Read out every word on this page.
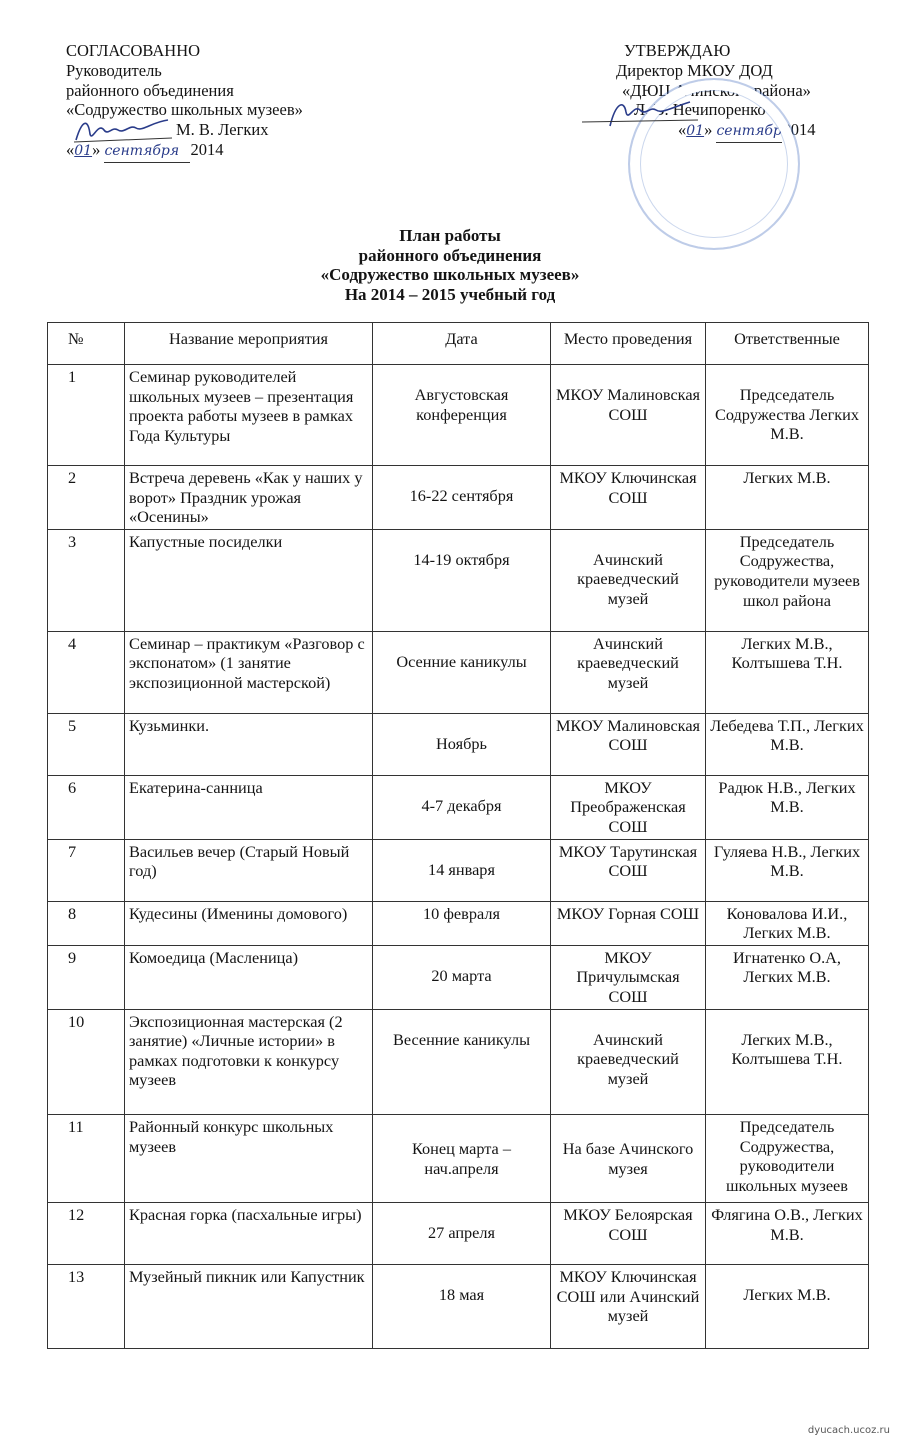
СОГЛАСОВАННО
Руководитель
районного объединения
«Содружество школьных музеев»
М. В. Легких
«01» сентября 2014
УТВЕРЖДАЮ
Директор МКОУ ДОД
«ДЮЦ Ачинского района»
Л. В. Нечипоренко
«01» сентября2014
План работы
районного объединения
«Содружество школьных музеев»
На 2014 – 2015 учебный год
№	Название мероприятия	Дата	Место проведения	Ответственные
1	Семинар руководителей школьных музеев – презентация проекта работы музеев в рамках Года Культуры	Августовская конференция	МКОУ Малиновская СОШ	Председатель Содружества Легких М.В.
2	Встреча деревень «Как у наших у ворот» Праздник урожая «Осенины»	16-22 сентября	МКОУ Ключинская СОШ	Легких М.В.
3	Капустные посиделки	14-19 октября	Ачинский краеведческий музей	Председатель Содружества, руководители музеев школ района
4	Семинар – практикум «Разговор с экспонатом» (1 занятие экспозиционной мастерской)	Осенние каникулы	Ачинский краеведческий музей	Легких М.В., Колтышева Т.Н.
5	Кузьминки.	Ноябрь	МКОУ Малиновская СОШ	Лебедева Т.П., Легких М.В.
6	Екатерина-санница	4-7 декабря	МКОУ Преображенская СОШ	Радюк Н.В., Легких М.В.
7	Васильев вечер (Старый Новый год)	14 января	МКОУ Тарутинская СОШ	Гуляева Н.В., Легких М.В.
8	Кудесины (Именины домового)	10 февраля	МКОУ Горная СОШ	Коновалова И.И., Легких М.В.
9	Комоедица (Масленица)	20 марта	МКОУ Причулымская СОШ	Игнатенко О.А, Легких М.В.
10	Экспозиционная мастерская (2 занятие) «Личные истории» в рамках подготовки к конкурсу музеев	Весенние каникулы	Ачинский краеведческий музей	Легких М.В., Колтышева Т.Н.
11	Районный конкурс школьных музеев	Конец марта – нач.апреля	На базе Ачинского музея	Председатель Содружества, руководители школьных музеев
12	Красная горка (пасхальные игры)	27 апреля	МКОУ Белоярская СОШ	Флягина О.В., Легких М.В.
13	Музейный пикник или Капустник	18 мая	МКОУ Ключинская СОШ или Ачинский музей	Легких М.В.
dyucach.ucoz.ru
